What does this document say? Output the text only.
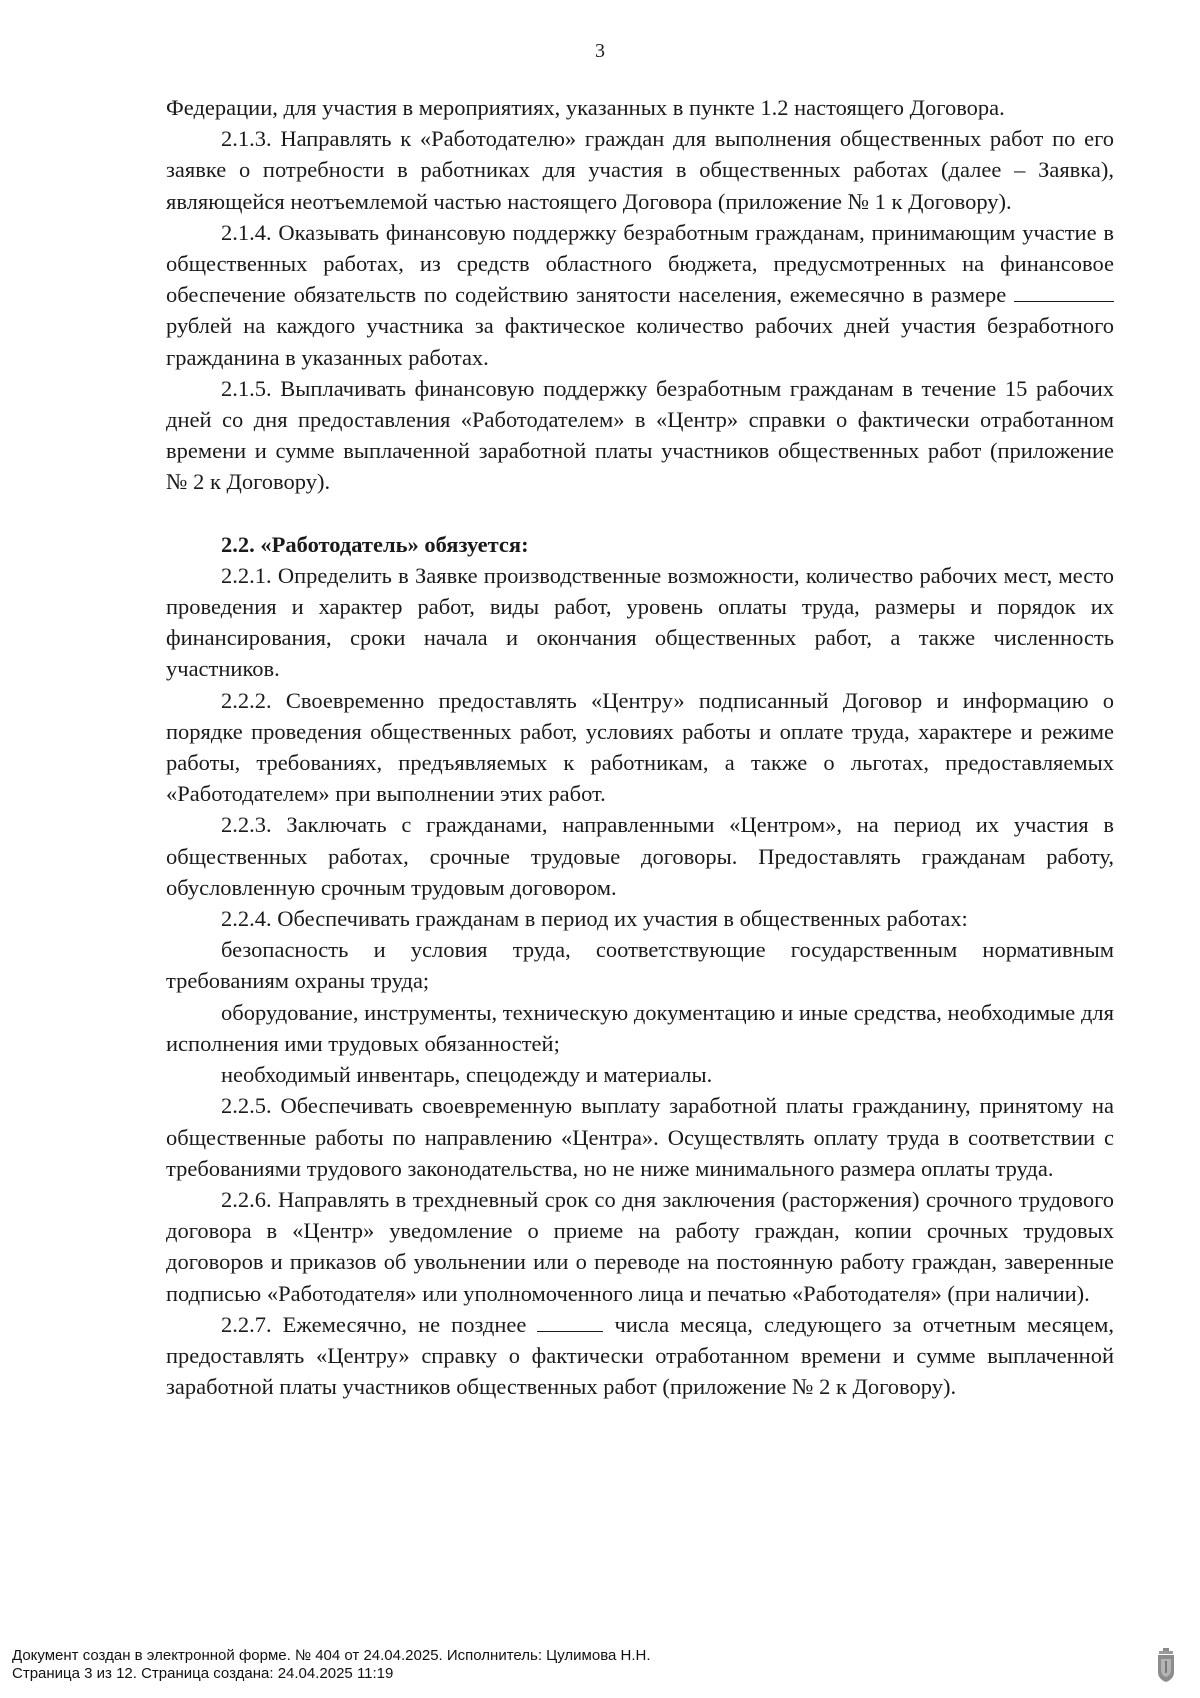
3

Федерации, для участия в мероприятиях, указанных в пункте 1.2 настоящего Договора.

2.1.3. Направлять к «Работодателю» граждан для выполнения общественных работ по его заявке о потребности в работниках для участия в общественных работах (далее – Заявка), являющейся неотъемлемой частью настоящего Договора (приложение № 1 к Договору).

2.1.4. Оказывать финансовую поддержку безработным гражданам, принимающим участие в общественных работах, из средств областного бюджета, предусмотренных на финансовое обеспечение обязательств по содействию занятости населения, ежемесячно в размере  рублей на каждого участника за фактическое количество рабочих дней участия безработного гражданина в указанных работах.

2.1.5. Выплачивать финансовую поддержку безработным гражданам в течение 15 рабочих дней со дня предоставления «Работодателем» в «Центр» справки о фактически отработанном времени и сумме выплаченной заработной платы участников общественных работ (приложение № 2 к Договору).

2.2. «Работодатель» обязуется:

2.2.1. Определить в Заявке производственные возможности, количество рабочих мест, место проведения и характер работ, виды работ, уровень оплаты труда, размеры и порядок их финансирования, сроки начала и окончания общественных работ, а также численность участников.

2.2.2. Своевременно предоставлять «Центру» подписанный Договор и информацию о порядке проведения общественных работ, условиях работы и оплате труда, характере и режиме работы, требованиях, предъявляемых к работникам, а также о льготах, предоставляемых «Работодателем» при выполнении этих работ.

2.2.3. Заключать с гражданами, направленными «Центром», на период их участия в общественных работах, срочные трудовые договоры. Предоставлять гражданам работу, обусловленную срочным трудовым договором.

2.2.4. Обеспечивать гражданам в период их участия в общественных работах:

безопасность и условия труда, соответствующие государственным нормативным требованиям охраны труда;

оборудование, инструменты, техническую документацию и иные средства, необходимые для исполнения ими трудовых обязанностей;

необходимый инвентарь, спецодежду и материалы.

2.2.5. Обеспечивать своевременную выплату заработной платы гражданину, принятому на общественные работы по направлению «Центра». Осуществлять оплату труда в соответствии с требованиями трудового законодательства, но не ниже минимального размера оплаты труда.

2.2.6. Направлять в трехдневный срок со дня заключения (расторжения) срочного трудового договора в «Центр» уведомление о приеме на работу граждан, копии срочных трудовых договоров и приказов об увольнении или о переводе на постоянную работу граждан, заверенные подписью «Работодателя» или уполномоченного лица и печатью «Работодателя» (при наличии).

2.2.7. Ежемесячно, не позднее	числа месяца, следующего за отчетным месяцем, предоставлять «Центру» справку о фактически отработанном времени и сумме выплаченной заработной платы участников общественных работ (приложение № 2 к Договору).

Документ создан в электронной форме. № 404 от 24.04.2025. Исполнитель: Цулимова Н.Н.
Страница 3 из 12. Страница создана: 24.04.2025 11:19
